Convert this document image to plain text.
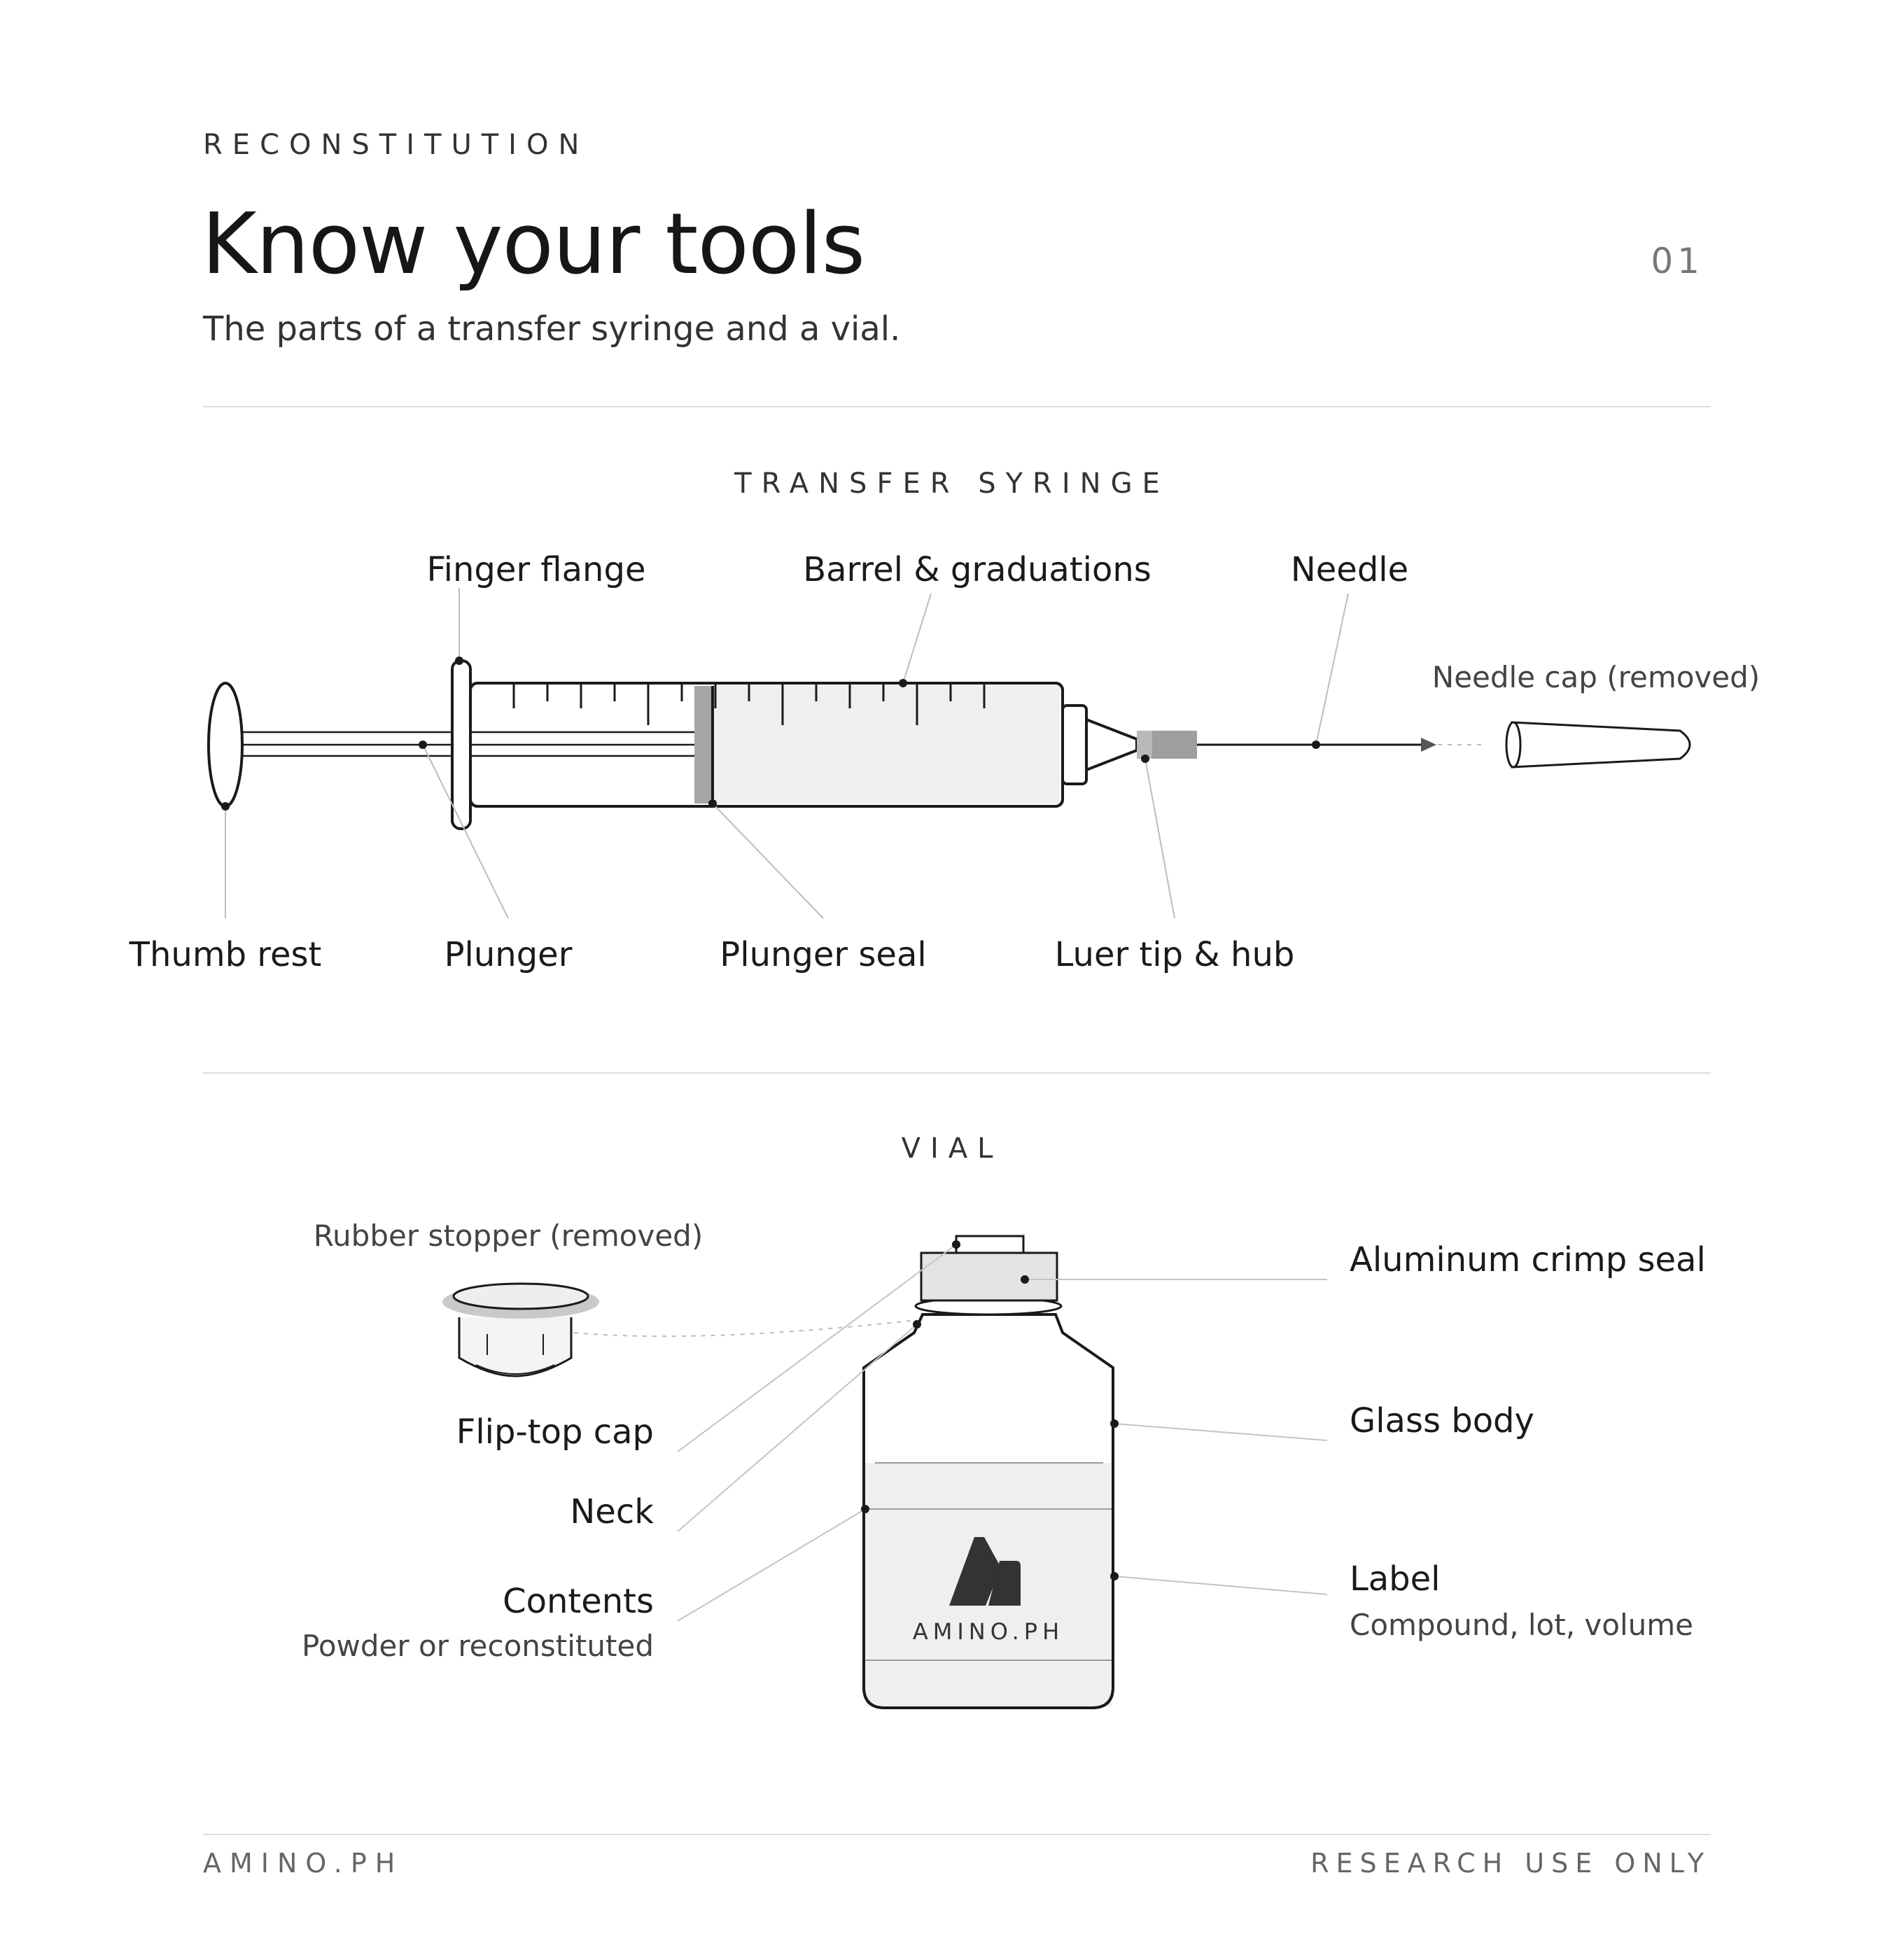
RECONSTITUTION
Know your tools	01
The parts of a transfer syringe and a vial.
TRANSFER SYRINGE
Finger flange	Barrel & graduations	Needle
Thumb rest	Plunger	Plunger seal	Luer tip & hub
Needle cap (removed)
AMINO.PH
Rubber stopper (removed)
Flip-top cap
Neck
Contents
Aluminum crimp seal
Glass body
Label
Powder or reconstituted
Compound, lot, volume
VIAL
AMINO.PH	RESEARCH USE ONLY
